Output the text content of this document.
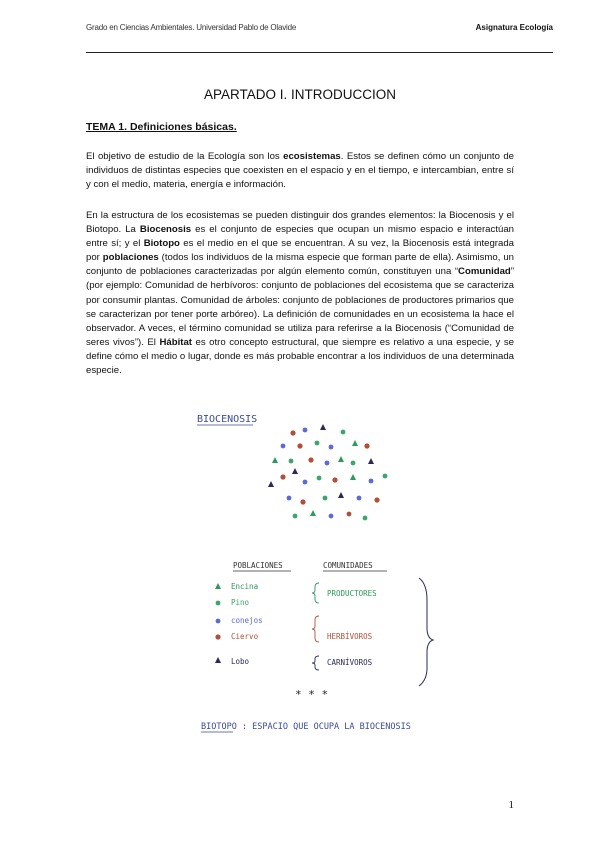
Grado en Ciencias Ambientales. Universidad Pablo de Olavide	Asignatura Ecología
APARTADO I. INTRODUCCION
TEMA 1. Definiciones básicas.

El objetivo de estudio de la Ecología son los ecosistemas. Estos se definen cómo un conjunto de individuos de distintas especies que coexisten en el espacio y en el tiempo, e intercambian, entre sí y con el medio, materia, energía e información.

En la estructura de los ecosistemas se pueden distinguir dos grandes elementos: la Biocenosis y el Biotopo. La Biocenosis es el conjunto de especies que ocupan un mismo espacio e interactúan entre sí; y el Biotopo es el medio en el que se encuentran. A su vez, la Biocenosis está integrada por poblaciones (todos los individuos de la misma especie que forman parte de ella). Asimismo, un conjunto de poblaciones caracterizadas por algún elemento común, constituyen una “Comunidad” (por ejemplo: Comunidad de herbívoros: conjunto de poblaciones del ecosistema que se caracteriza por consumir plantas. Comunidad de árboles: conjunto de poblaciones de productores primarios que se caracterizan por tener porte arbóreo). La definición de comunidades en un ecosistema la hace el observador. A veces, el término comunidad se utiliza para referirse a la Biocenosis (“Comunidad de seres vivos”). El Hábitat es otro concepto estructural, que siempre es relativo a una especie, y se define cómo el medio o lugar, donde es más probable encontrar a los individuos de una determinada especie.

BIOCENOSIS
POBLACIONES	COMUNIDADES
Encina
Pino
conejos
Ciervo
Lobo
PRODUCTORES
HERBÍVOROS
CARNÍVOROS
* * *
BIOTOPO : ESPACIO QUE OCUPA LA BIOCENOSIS
1
